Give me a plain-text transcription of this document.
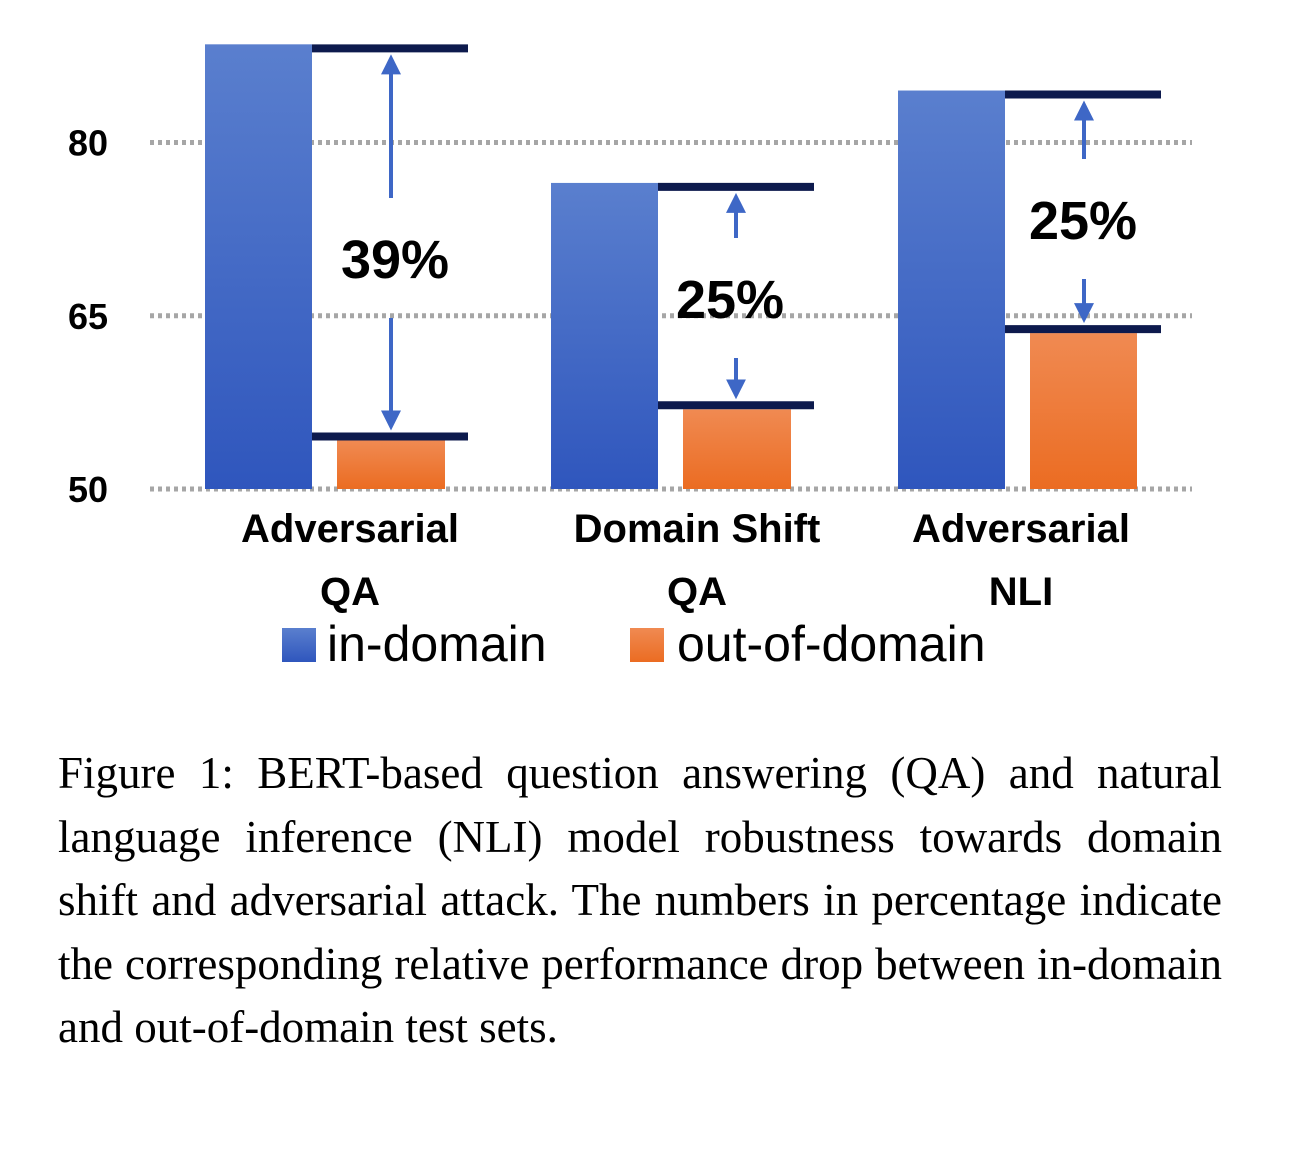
50
65
80
39%
25%
25%
Adversarial
QA
Domain Shift
QA
Adversarial
NLI
in-domain	out-of-domain

Figure 1: BERT-based question answering (QA) and natural language inference (NLI) model robustness towards domain shift and adversarial attack. The numbers in percentage indicate the corresponding relative performance drop between in-domain and out-of-domain test sets.
